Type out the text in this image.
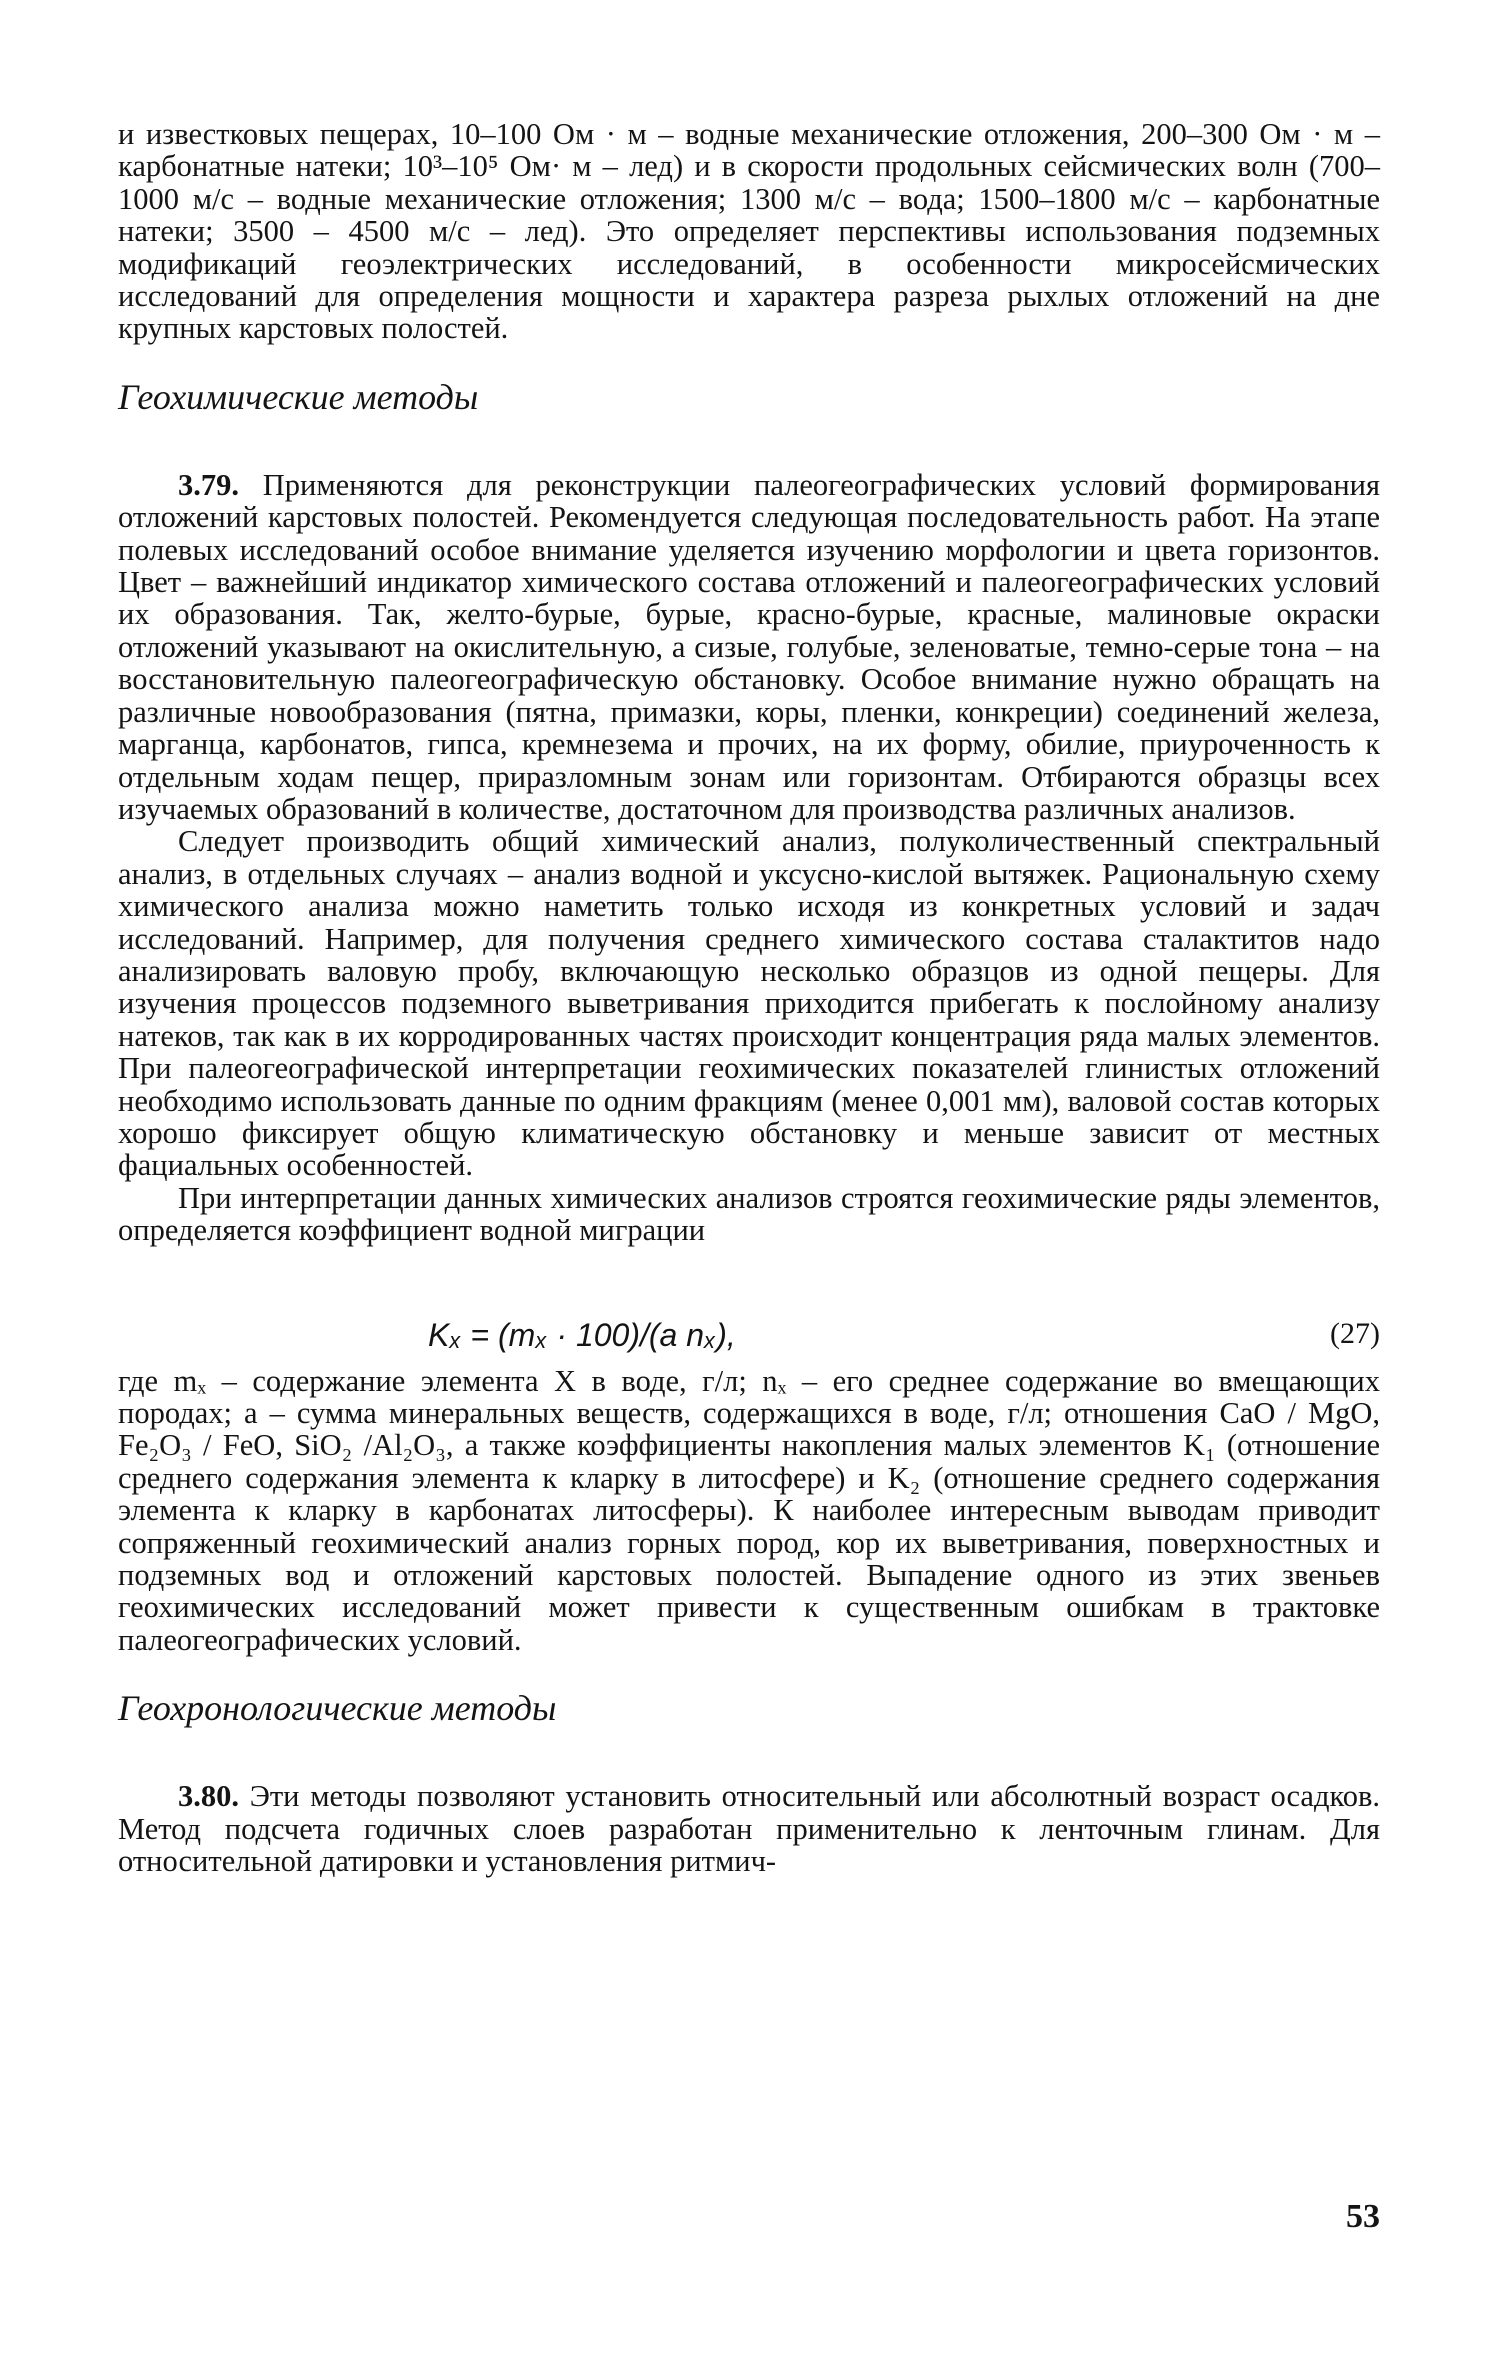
и известковых пещерах, 10–100 Ом · м – водные механические отложения, 200–300 Ом · м – карбонатные натеки; 10³–10⁵ Ом· м – лед) и в скорости продольных сейсмических волн (700–1000 м/с – водные механические отложения; 1300 м/с – вода; 1500–1800 м/с – карбонатные натеки; 3500 – 4500 м/с – лед). Это определяет перспективы использования подземных модификаций геоэлектрических исследований, в особенности микросейсмических исследований для определения мощности и характера разреза рыхлых отложений на дне крупных карстовых полостей.

Геохимические методы

3.79. Применяются для реконструкции палеогеографических условий формирования отложений карстовых полостей. Рекомендуется следующая последовательность работ. На этапе полевых исследований особое внимание уделяется изучению морфологии и цвета горизонтов. Цвет – важнейший индикатор химического состава отложений и палеогеографических условий их образования. Так, желто-бурые, бурые, красно-бурые, красные, малиновые окраски отложений указывают на окислительную, а сизые, голубые, зеленоватые, темно-серые тона – на восстановительную палеогеографическую обстановку. Особое внимание нужно обращать на различные новообразования (пятна, примазки, коры, пленки, конкреции) соединений железа, марганца, карбонатов, гипса, кремнезема и прочих, на их форму, обилие, приуроченность к отдельным ходам пещер, приразломным зонам или горизонтам. Отбираются образцы всех изучаемых образований в количестве, достаточном для производства различных анализов.

Следует производить общий химический анализ, полуколичественный спектральный анализ, в отдельных случаях – анализ водной и уксусно-кислой вытяжек. Рациональную схему химического анализа можно наметить только исходя из конкретных условий и задач исследований. Например, для получения среднего химического состава сталактитов надо анализировать валовую пробу, включающую несколько образцов из одной пещеры. Для изучения процессов подземного выветривания приходится прибегать к послойному анализу натеков, так как в их корродированных частях происходит концентрация ряда малых элементов. При палеогеографической интерпретации геохимических показателей глинистых отложений необходимо использовать данные по одним фракциям (менее 0,001 мм), валовой состав которых хорошо фиксирует общую климатическую обстановку и меньше зависит от местных фациальных особенностей.

При интерпретации данных химических анализов строятся геохимические ряды элементов, определяется коэффициент водной миграции

Kₓ = (mₓ · 100)/(a nₓ),	(27)

где mₓ – содержание элемента X в воде, г/л; nₓ – его среднее содержание во вмещающих породах; a – сумма минеральных веществ, содержащихся в воде, г/л; отношения CaO / MgO, Fe₂O₃ / FeO, SiO₂ /Al₂O₃, а также коэффициенты накопления малых элементов K₁ (отношение среднего содержания элемента к кларку в литосфере) и K₂ (отношение среднего содержания элемента к кларку в карбонатах литосферы). К наиболее интересным выводам приводит сопряженный геохимический анализ горных пород, кор их выветривания, поверхностных и подземных вод и отложений карстовых полостей. Выпадение одного из этих звеньев геохимических исследований может привести к существенным ошибкам в трактовке палеогеографических условий.

Геохронологические методы

3.80. Эти методы позволяют установить относительный или абсолютный возраст осадков. Метод подсчета годичных слоев разработан применительно к ленточным глинам. Для относительной датировки и установления ритмич-

53
